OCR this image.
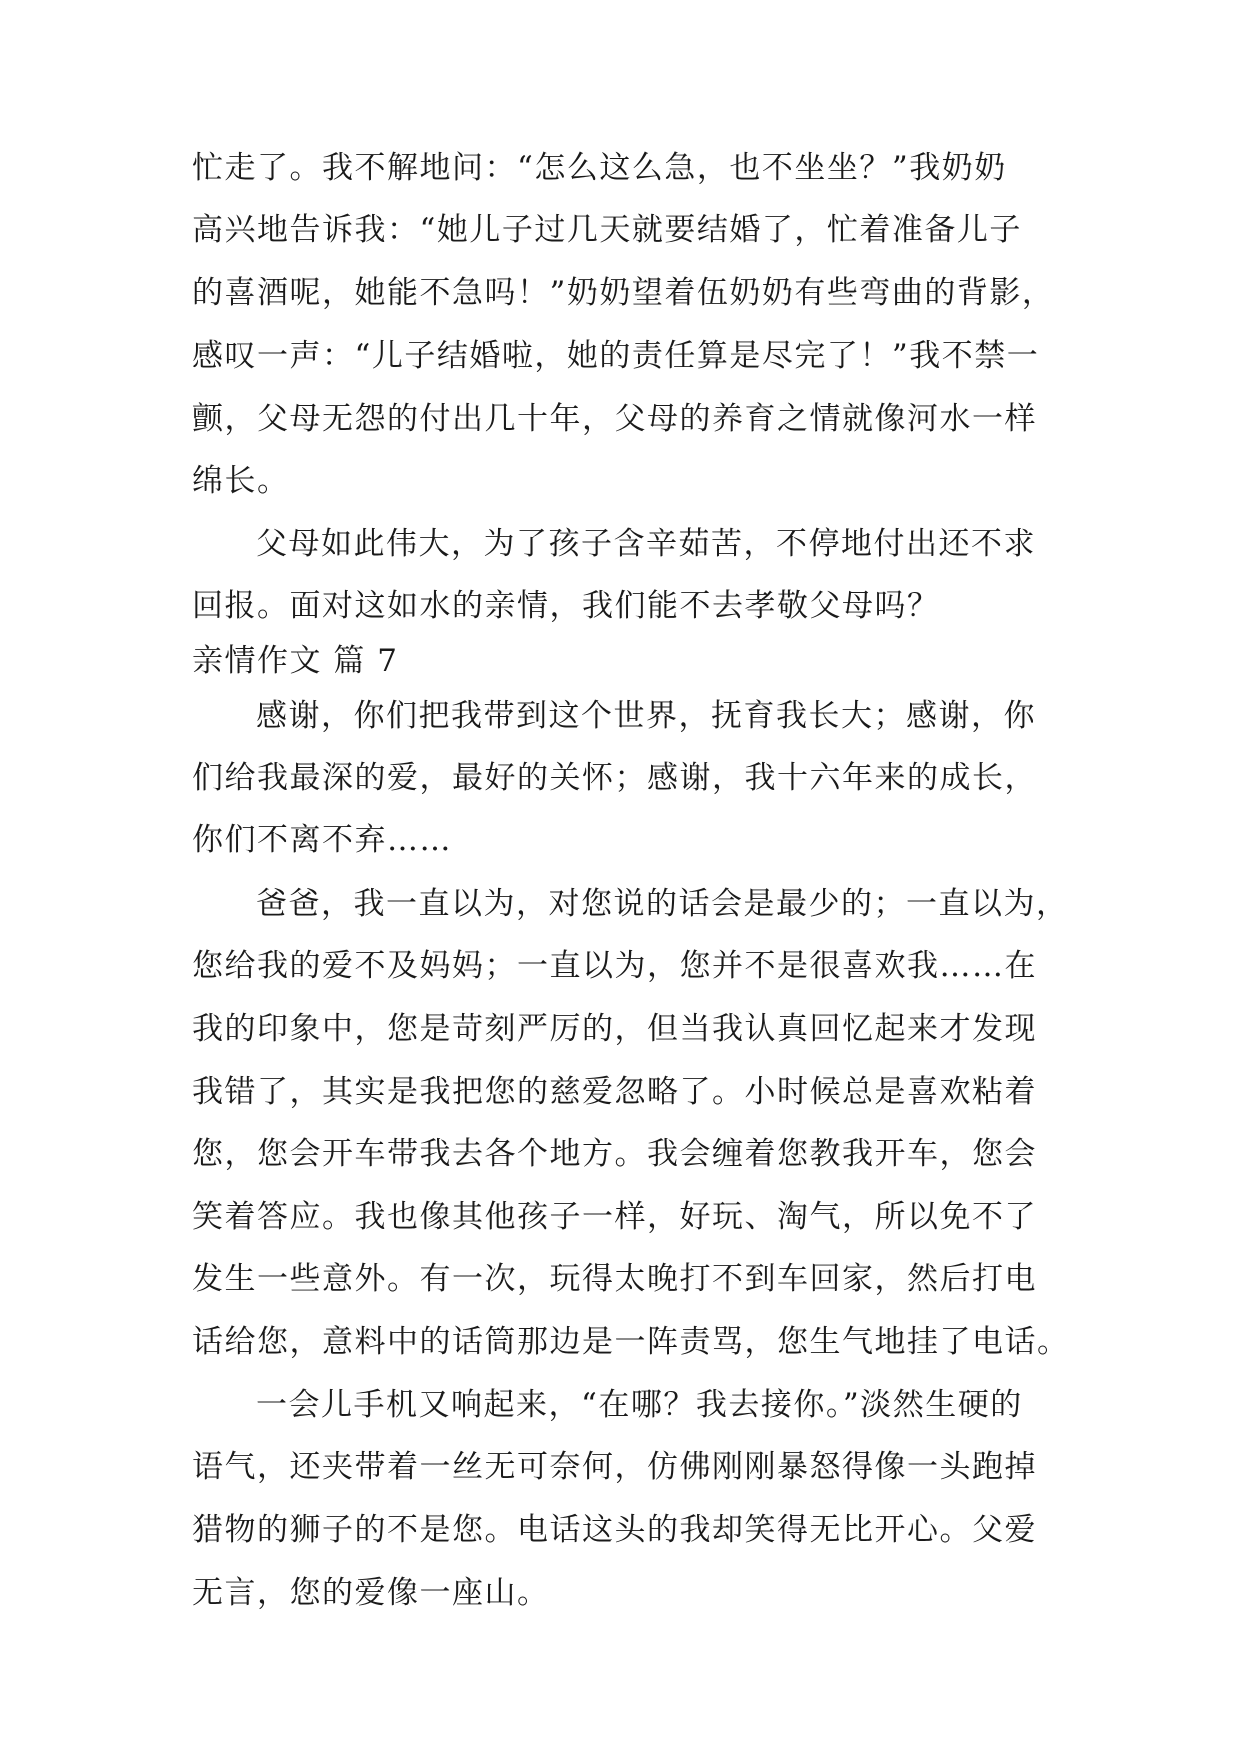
忙走了。我不解地问：“怎么这么急，也不坐坐？”我奶奶
高兴地告诉我：“她儿子过几天就要结婚了，忙着准备儿子
的喜酒呢，她能不急吗！”奶奶望着伍奶奶有些弯曲的背影，
感叹一声：“儿子结婚啦，她的责任算是尽完了！”我不禁一
颤，父母无怨的付出几十年，父母的养育之情就像河水一样
绵长。
父母如此伟大，为了孩子含辛茹苦，不停地付出还不求
回报。面对这如水的亲情，我们能不去孝敬父母吗？
亲情作文 篇 7
感谢，你们把我带到这个世界，抚育我长大；感谢，你
们给我最深的爱，最好的关怀；感谢，我十六年来的成长，
你们不离不弃……
爸爸，我一直以为，对您说的话会是最少的；一直以为，
您给我的爱不及妈妈；一直以为，您并不是很喜欢我……在
我的印象中，您是苛刻严厉的，但当我认真回忆起来才发现
我错了，其实是我把您的慈爱忽略了。小时候总是喜欢粘着
您，您会开车带我去各个地方。我会缠着您教我开车，您会
笑着答应。我也像其他孩子一样，好玩、淘气，所以免不了
发生一些意外。有一次，玩得太晚打不到车回家，然后打电
话给您，意料中的话筒那边是一阵责骂，您生气地挂了电话。
一会儿手机又响起来，“在哪？我去接你。”淡然生硬的
语气，还夹带着一丝无可奈何，仿佛刚刚暴怒得像一头跑掉
猎物的狮子的不是您。电话这头的我却笑得无比开心。父爱
无言，您的爱像一座山。
